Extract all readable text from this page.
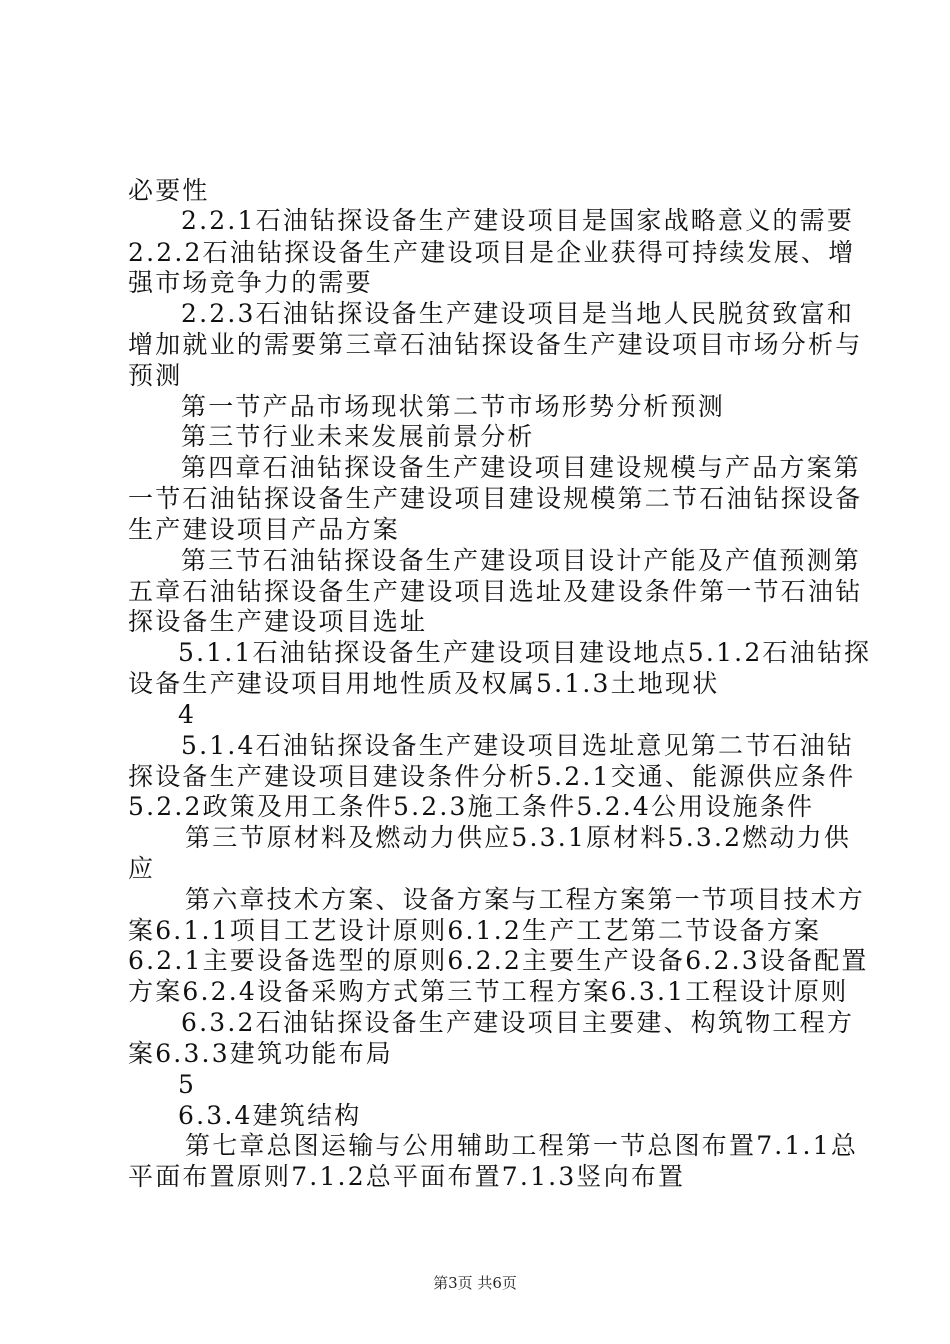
必要性
2.2.1石油钻探设备生产建设项目是国家战略意义的需要
2.2.2石油钻探设备生产建设项目是企业获得可持续发展、增
强市场竞争力的需要
2.2.3石油钻探设备生产建设项目是当地人民脱贫致富和
增加就业的需要第三章石油钻探设备生产建设项目市场分析与
预测
第一节产品市场现状第二节市场形势分析预测
第三节行业未来发展前景分析
第四章石油钻探设备生产建设项目建设规模与产品方案第
一节石油钻探设备生产建设项目建设规模第二节石油钻探设备
生产建设项目产品方案
第三节石油钻探设备生产建设项目设计产能及产值预测第
五章石油钻探设备生产建设项目选址及建设条件第一节石油钻
探设备生产建设项目选址
5.1.1石油钻探设备生产建设项目建设地点5.1.2石油钻探
设备生产建设项目用地性质及权属5.1.3土地现状
4
5.1.4石油钻探设备生产建设项目选址意见第二节石油钻
探设备生产建设项目建设条件分析5.2.1交通、能源供应条件
5.2.2政策及用工条件5.2.3施工条件5.2.4公用设施条件
第三节原材料及燃动力供应5.3.1原材料5.3.2燃动力供
应
第六章技术方案、设备方案与工程方案第一节项目技术方
案6.1.1项目工艺设计原则6.1.2生产工艺第二节设备方案
6.2.1主要设备选型的原则6.2.2主要生产设备6.2.3设备配置
方案6.2.4设备采购方式第三节工程方案6.3.1工程设计原则
6.3.2石油钻探设备生产建设项目主要建、构筑物工程方
案6.3.3建筑功能布局
5
6.3.4建筑结构
第七章总图运输与公用辅助工程第一节总图布置7.1.1总
平面布置原则7.1.2总平面布置7.1.3竖向布置
第3页 共6页
